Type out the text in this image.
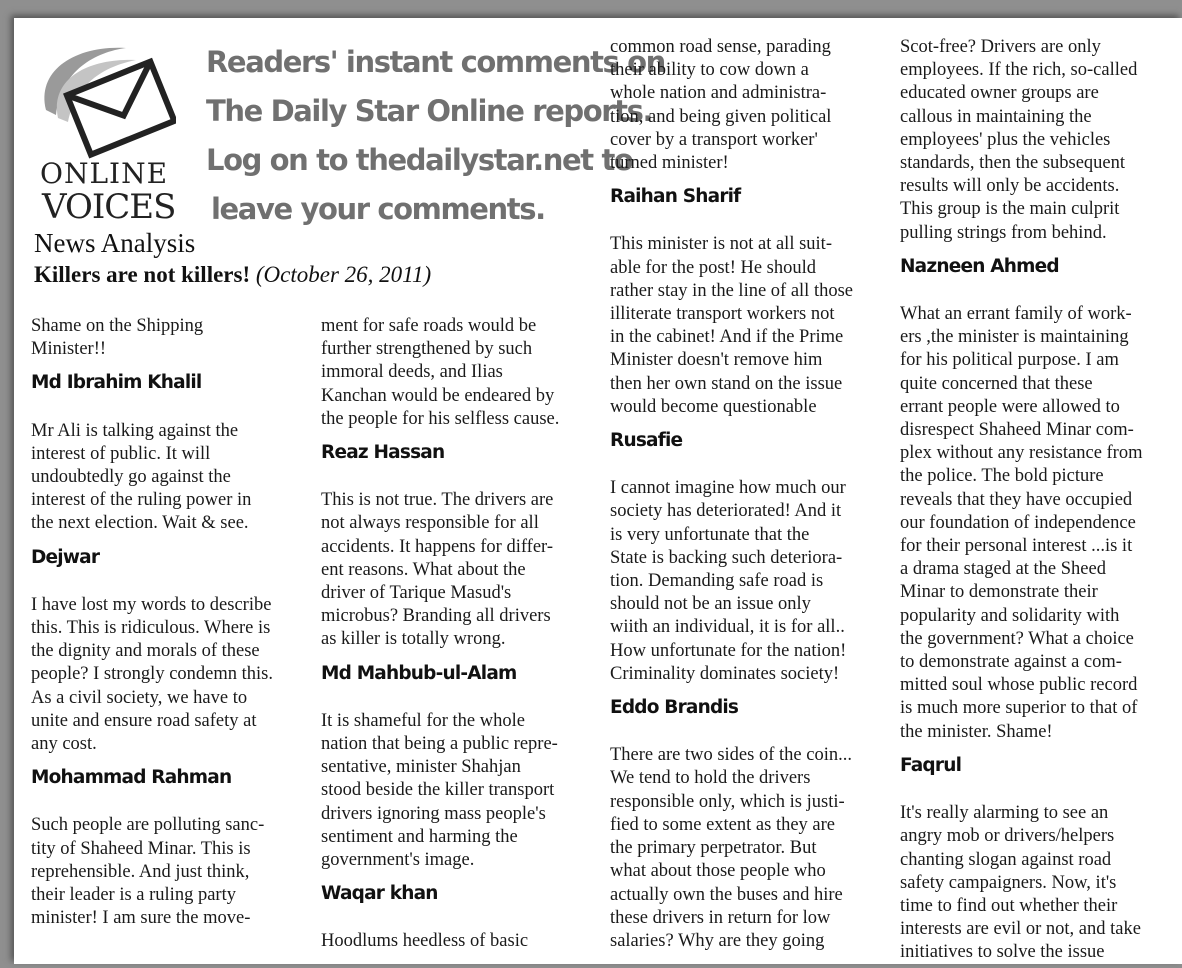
ONLINE
VOICES
Readers' instant comments on
The Daily Star Online reports.
Log on to thedailystar.net to
leave your comments.
News Analysis
Killers are not killers! (October 26, 2011)

Shame on the Shipping

Minister!!

Md Ibrahim Khalil

Mr Ali is talking against the

interest of public. It will

undoubtedly go against the

interest of the ruling power in

the next election. Wait & see.

Dejwar

I have lost my words to describe

this. This is ridiculous. Where is

the dignity and morals of these

people? I strongly condemn this.

As a civil society, we have to

unite and ensure road safety at

any cost.

Mohammad Rahman

Such people are polluting sanc-

tity of Shaheed Minar. This is

reprehensible. And just think,

their leader is a ruling party

minister! I am sure the move-

ment for safe roads would be

further strengthened by such

immoral deeds, and Ilias

Kanchan would be endeared by

the people for his selfless cause.

Reaz Hassan

This is not true. The drivers are

not always responsible for all

accidents. It happens for differ-

ent reasons. What about the

driver of Tarique Masud's

microbus? Branding all drivers

as killer is totally wrong.

Md Mahbub-ul-Alam

It is shameful for the whole

nation that being a public repre-

sentative, minister Shahjan

stood beside the killer transport

drivers ignoring mass people's

sentiment and harming the

government's image.

Waqar khan

Hoodlums heedless of basic

common road sense, parading

their ability to cow down a

whole nation and administra-

tion, and being given political

cover by a transport worker'

turned minister!

Raihan Sharif

This minister is not at all suit-

able for the post! He should

rather stay in the line of all those

illiterate transport workers not

in the cabinet! And if the Prime

Minister doesn't remove him

then her own stand on the issue

would become questionable

Rusafie

I cannot imagine how much our

society has deteriorated! And it

is very unfortunate that the

State is backing such deteriora-

tion. Demanding safe road is

should not be an issue only

wiith an individual, it is for all..

How unfortunate for the nation!

Criminality dominates society!

Eddo Brandis

There are two sides of the coin...

We tend to hold the drivers

responsible only, which is justi-

fied to some extent as they are

the primary perpetrator. But

what about those people who

actually own the buses and hire

these drivers in return for low

salaries? Why are they going

Scot-free? Drivers are only

employees. If the rich, so-called

educated owner groups are

callous in maintaining the

employees' plus the vehicles

standards, then the subsequent

results will only be accidents.

This group is the main culprit

pulling strings from behind.

Nazneen Ahmed

What an errant family of work-

ers ,the minister is maintaining

for his political purpose. I am

quite concerned that these

errant people were allowed to

disrespect Shaheed Minar com-

plex without any resistance from

the police. The bold picture

reveals that they have occupied

our foundation of independence

for their personal interest ...is it

a drama staged at the Sheed

Minar to demonstrate their

popularity and solidarity with

the government? What a choice

to demonstrate against a com-

mitted soul whose public record

is much more superior to that of

the minister. Shame!

Faqrul

It's really alarming to see an

angry mob or drivers/helpers

chanting slogan against road

safety campaigners. Now, it's

time to find out whether their

interests are evil or not, and take

initiatives to solve the issue
